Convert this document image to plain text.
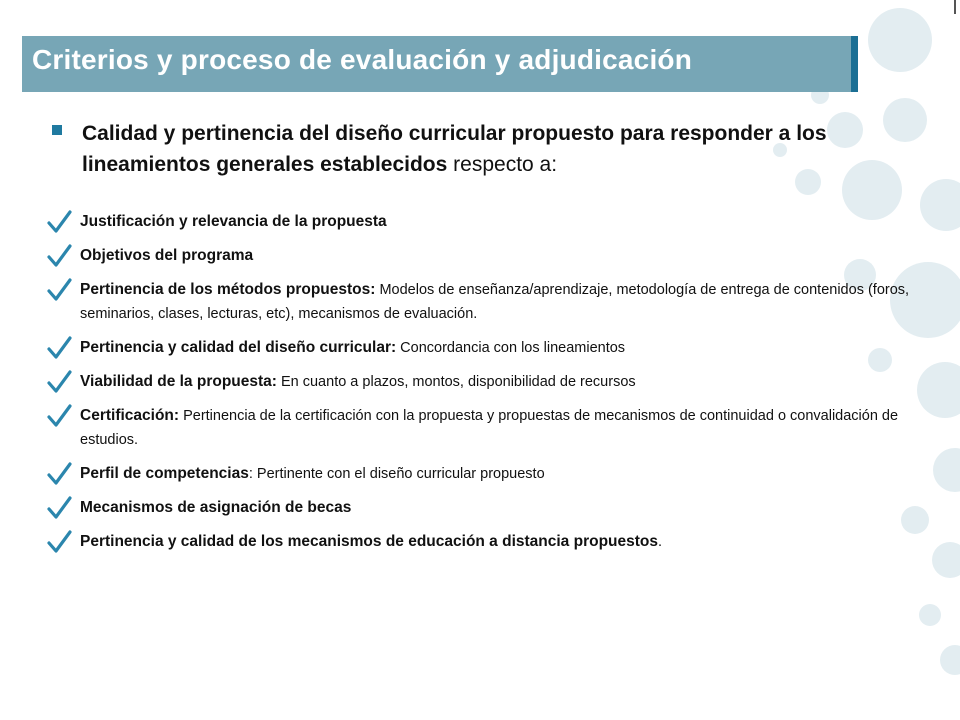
Criterios y proceso de evaluación y adjudicación
Calidad y pertinencia del diseño curricular propuesto para responder a los lineamientos generales establecidos respecto a:
Justificación y relevancia de la propuesta
Objetivos del programa
Pertinencia de los métodos propuestos: Modelos de enseñanza/aprendizaje, metodología de entrega de contenidos (foros, seminarios, clases, lecturas, etc), mecanismos de evaluación.
Pertinencia y calidad del diseño curricular: Concordancia con los lineamientos
Viabilidad de la propuesta: En cuanto a plazos, montos, disponibilidad de recursos
Certificación: Pertinencia de la certificación con la propuesta y propuestas de mecanismos de continuidad o convalidación de estudios.
Perfil de competencias: Pertinente con el diseño curricular propuesto
Mecanismos de asignación de becas
Pertinencia y calidad de los mecanismos de educación a distancia propuestos.
